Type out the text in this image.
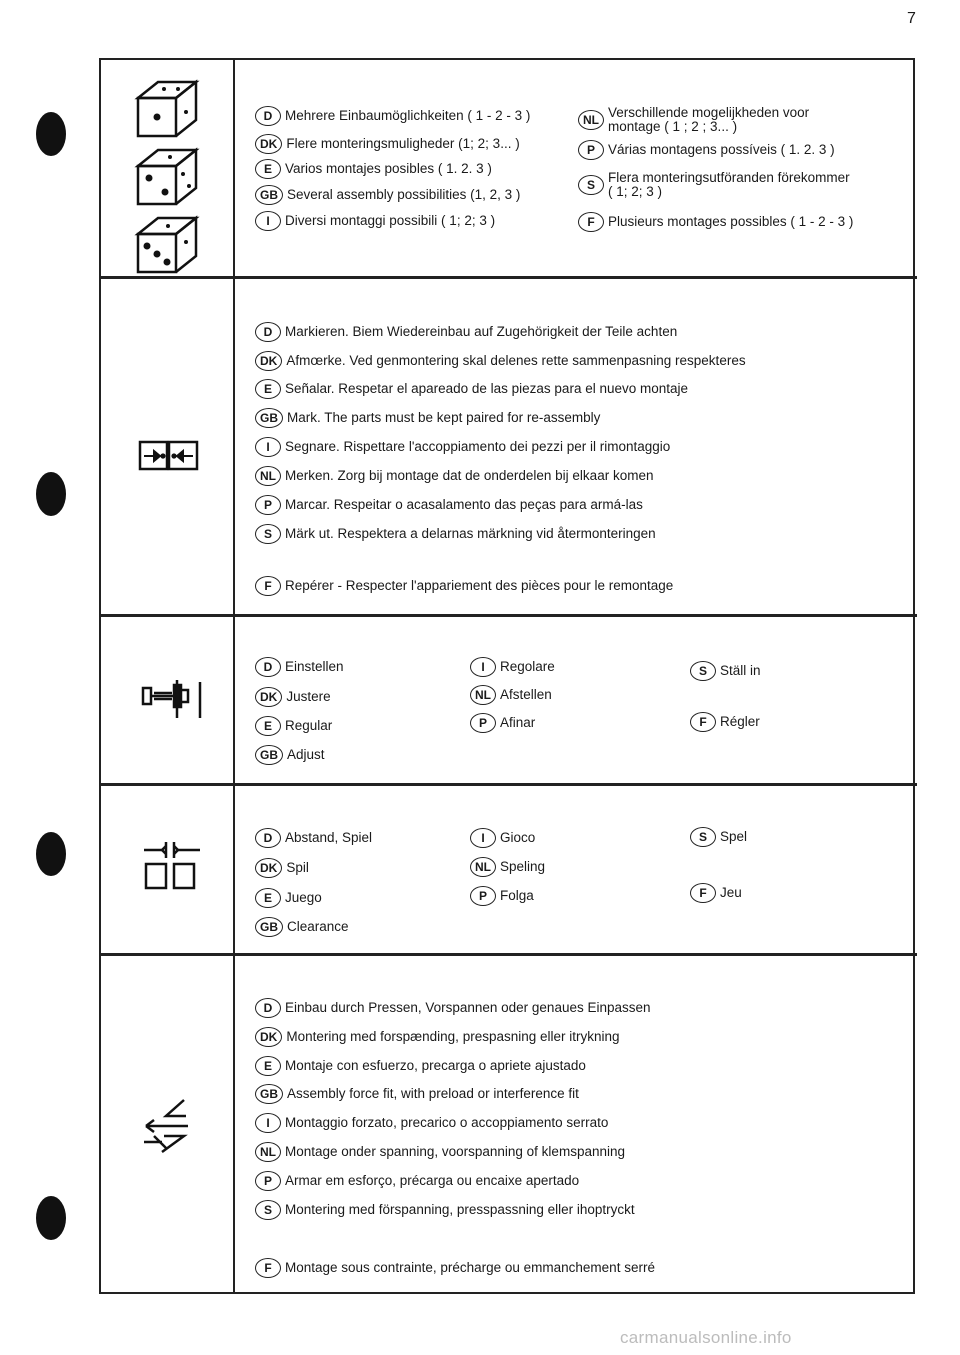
7
D Mehrere Einbaumöglichkeiten ( 1 - 2 - 3 )
DK Flere monteringsmuligheder (1; 2; 3... )
E Varios montajes posibles ( 1. 2. 3 )
GB Several assembly possibilities (1, 2, 3 )
I	Diversi montaggi possibili ( 1; 2; 3 )
NL Verschillende mogelijkheden voor
montage ( 1 ; 2 ; 3... )
P Várias montagens possíveis ( 1. 2. 3 )
S Flera monteringsutföranden förekommer
( 1; 2; 3 )
F Plusieurs montages possibles ( 1 - 2 - 3 )
D Markieren. Biem Wiedereinbau auf Zugehörigkeit der Teile achten
DK Afmœrke. Ved genmontering skal delenes rette sammenpasning respekteres
E Señalar. Respetar el apareado de las piezas para el nuevo montaje
GB Mark. The parts must be kept paired for re-assembly
I	Segnare. Rispettare l'accoppiamento dei pezzi per il rimontaggio
NL Merken. Zorg bij montage dat de onderdelen bij elkaar komen
P Marcar. Respeitar o acasalamento das peças para armá-las
S Märk ut. Respektera a delarnas märkning vid återmonteringen
F Repérer - Respecter l'appariement des pièces pour le remontage
D Einstellen
DK Justere
E Regular
GB Adjust
I	Regolare
NL Afstellen
P Afinar
S Ställ in
F Régler
D Abstand, Spiel
DK Spil
E Juego
GB Clearance
I	Gioco
NL Speling
P Folga
S Spel
F Jeu
D Einbau durch Pressen, Vorspannen oder genaues Einpassen
DK Montering med forspænding, prespasning eller itrykning
E Montaje con esfuerzo, precarga o apriete ajustado
GB Assembly force fit, with preload or interference fit
I	Montaggio forzato, precarico o accoppiamento serrato
NL Montage onder spanning, voorspanning of klemspanning
P Armar em esforço, précarga ou encaixe apertado
S Montering med förspanning, presspassning eller ihoptryckt
F Montage sous contrainte, précharge ou emmanchement serré
carmanualsonline.info
